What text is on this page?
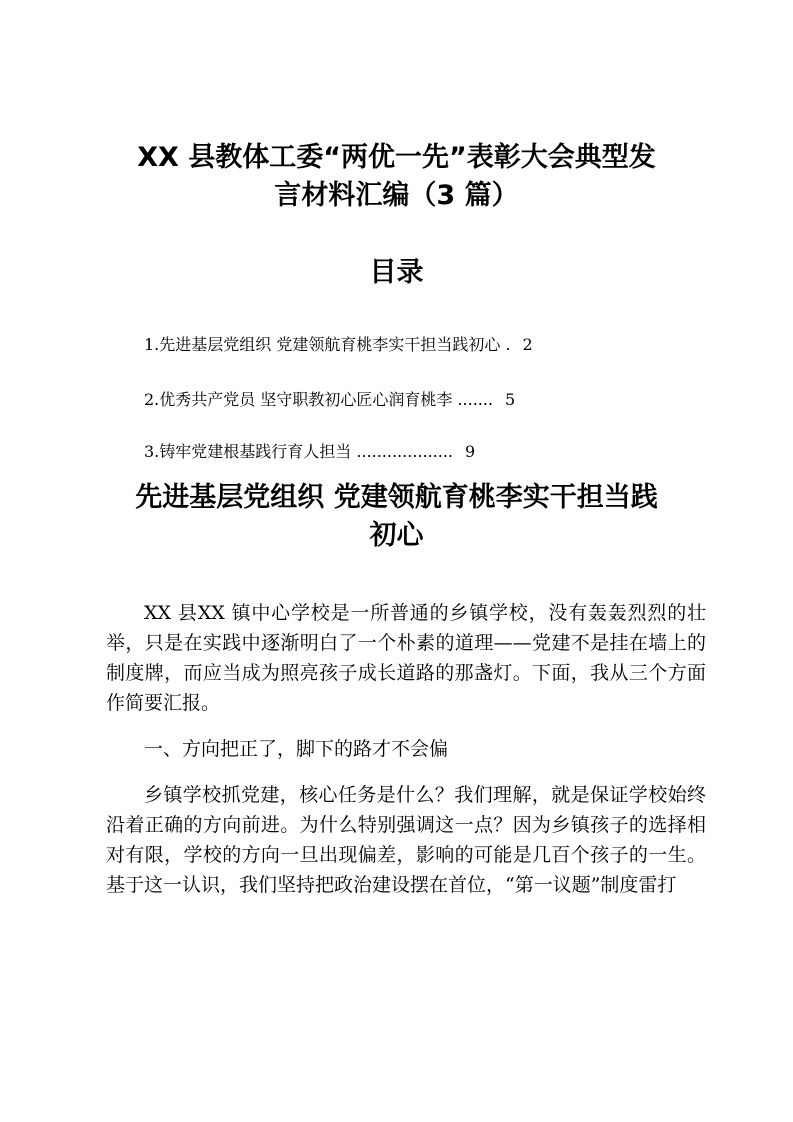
XX 县教体工委“两优一先”表彰大会典型发
言材料汇编（3 篇）
目录
1.先进基层党组织 党建领航育桃李实干担当践初心 . 2
2.优秀共产党员 坚守职教初心匠心润育桃李 ....... 5
3.铸牢党建根基践行育人担当 ................... 9
先进基层党组织 党建领航育桃李实干担当践
初心

XX 县XX 镇中心学校是一所普通的乡镇学校，没有轰轰烈烈的壮举，只是在实践中逐渐明白了一个朴素的道理——党建不是挂在墙上的制度牌，而应当成为照亮孩子成长道路的那盏灯。下面，我从三个方面作简要汇报。

一、方向把正了，脚下的路才不会偏

乡镇学校抓党建，核心任务是什么？我们理解，就是保证学校始终沿着正确的方向前进。为什么特别强调这一点？因为乡镇孩子的选择相对有限，学校的方向一旦出现偏差，影响的可能是几百个孩子的一生。基于这一认识，我们坚持把政治建设摆在首位，“第一议题”制度雷打
